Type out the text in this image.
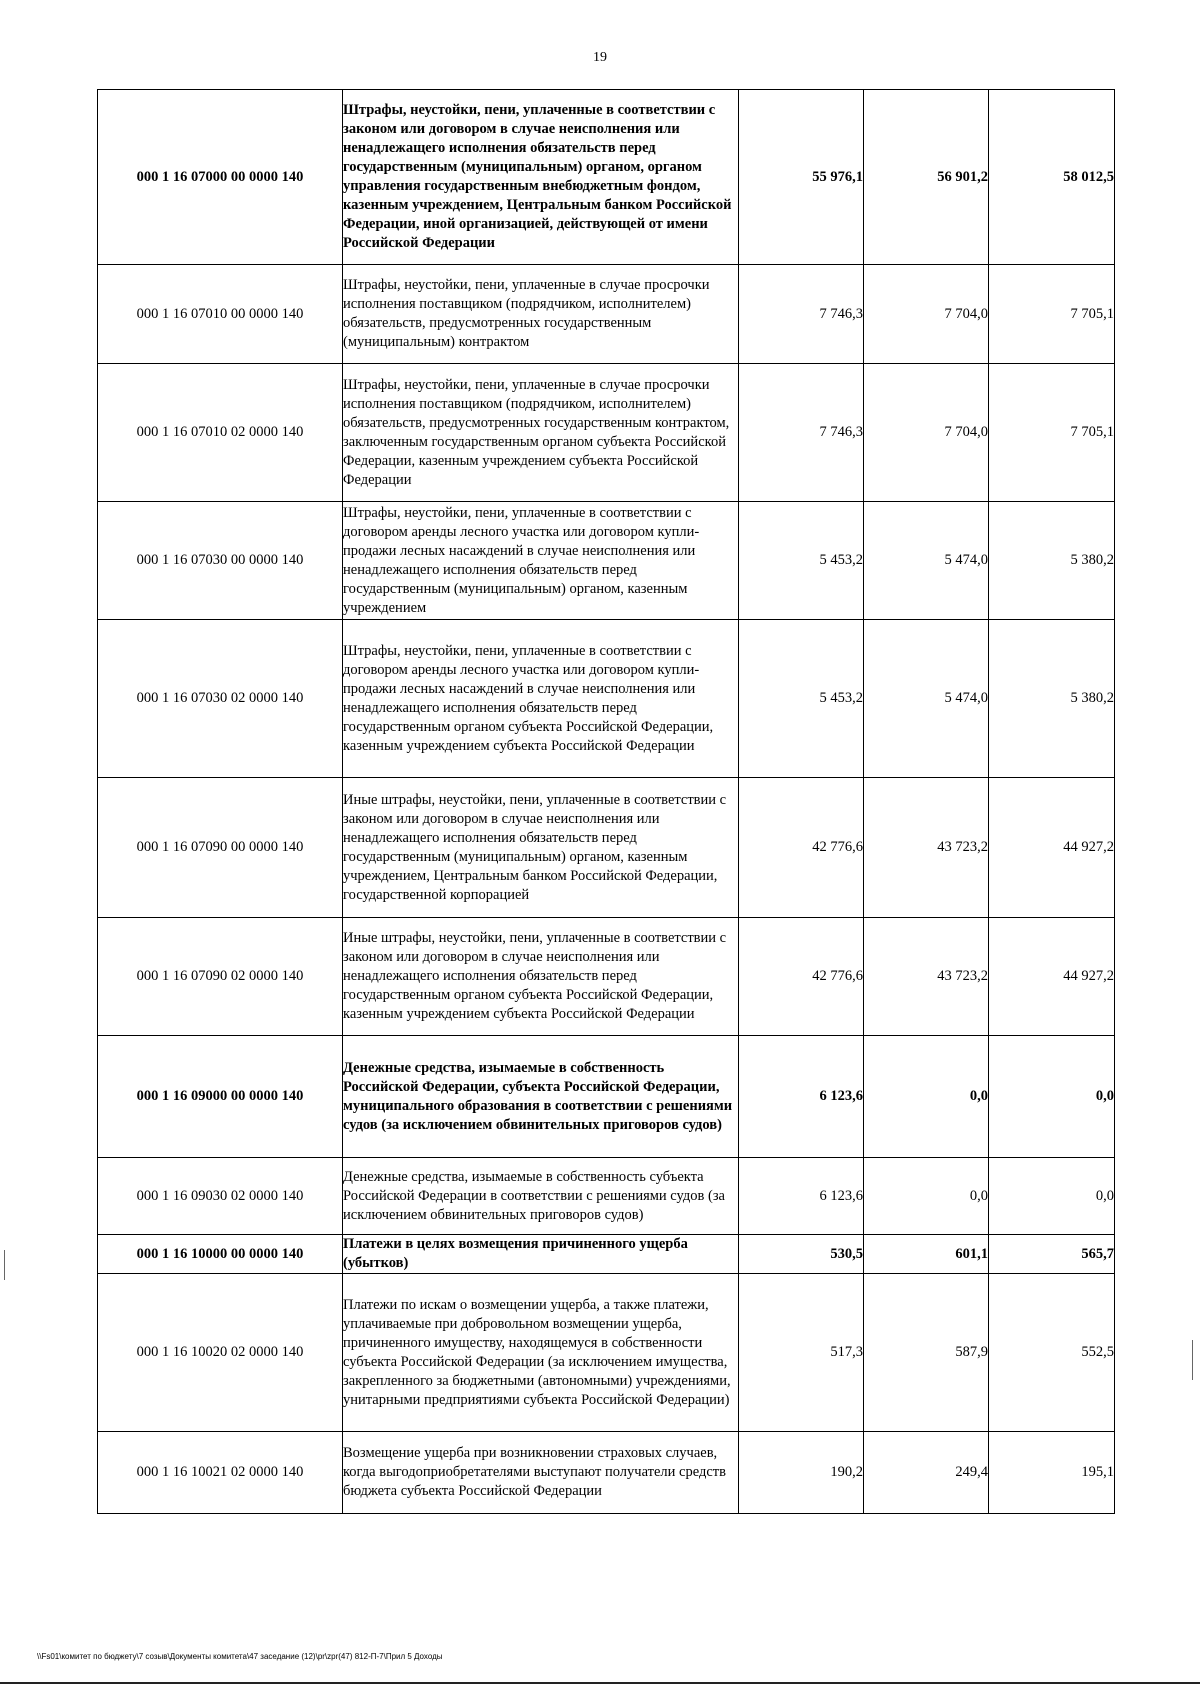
19
000 1 16 07000 00 0000 140	Штрафы, неустойки, пени, уплаченные в соответствии с законом или договором в случае неисполнения или ненадлежащего исполнения обязательств перед государственным (муниципальным) органом, органом управления государственным внебюджетным фондом, казенным учреждением, Центральным банком Российской Федерации, иной организацией, действующей от имени Российской Федерации	55 976,1	56 901,2	58 012,5
000 1 16 07010 00 0000 140	Штрафы, неустойки, пени, уплаченные в случае просрочки исполнения поставщиком (подрядчиком, исполнителем) обязательств, предусмотренных государственным (муниципальным) контрактом	7 746,3	7 704,0	7 705,1
000 1 16 07010 02 0000 140	Штрафы, неустойки, пени, уплаченные в случае просрочки исполнения поставщиком (подрядчиком, исполнителем) обязательств, предусмотренных государственным контрактом, заключенным государственным органом субъекта Российской Федерации, казенным учреждением субъекта Российской Федерации	7 746,3	7 704,0	7 705,1
000 1 16 07030 00 0000 140	Штрафы, неустойки, пени, уплаченные в соответствии с договором аренды лесного участка или договором купли-продажи лесных насаждений в случае неисполнения или ненадлежащего исполнения обязательств перед государственным (муниципальным) органом, казенным учреждением	5 453,2	5 474,0	5 380,2
000 1 16 07030 02 0000 140	Штрафы, неустойки, пени, уплаченные в соответствии с договором аренды лесного участка или договором купли-продажи лесных насаждений в случае неисполнения или ненадлежащего исполнения обязательств перед государственным органом субъекта Российской Федерации, казенным учреждением субъекта Российской Федерации	5 453,2	5 474,0	5 380,2
000 1 16 07090 00 0000 140	Иные штрафы, неустойки, пени, уплаченные в соответствии с законом или договором в случае неисполнения или ненадлежащего исполнения обязательств перед государственным (муниципальным) органом, казенным учреждением, Центральным банком Российской Федерации, государственной корпорацией	42 776,6	43 723,2	44 927,2
000 1 16 07090 02 0000 140	Иные штрафы, неустойки, пени, уплаченные в соответствии с законом или договором в случае неисполнения или ненадлежащего исполнения обязательств перед государственным органом субъекта Российской Федерации, казенным учреждением субъекта Российской Федерации	42 776,6	43 723,2	44 927,2
000 1 16 09000 00 0000 140	Денежные средства, изымаемые в собственность Российской Федерации, субъекта Российской Федерации, муниципального образования в соответствии с решениями судов (за исключением обвинительных приговоров судов)	6 123,6	0,0	0,0
000 1 16 09030 02 0000 140	Денежные средства, изымаемые в собственность субъекта Российской Федерации в соответствии с решениями судов (за исключением обвинительных приговоров судов)	6 123,6	0,0	0,0
000 1 16 10000 00 0000 140	Платежи в целях возмещения причиненного ущерба (убытков)	530,5	601,1	565,7
000 1 16 10020 02 0000 140	Платежи по искам о возмещении ущерба, а также платежи, уплачиваемые при добровольном возмещении ущерба, причиненного имуществу, находящемуся в собственности субъекта Российской Федерации (за исключением имущества, закрепленного за бюджетными (автономными) учреждениями, унитарными предприятиями субъекта Российской Федерации)	517,3	587,9	552,5
000 1 16 10021 02 0000 140	Возмещение ущерба при возникновении страховых случаев, когда выгодоприобретателями выступают получатели средств бюджета субъекта Российской Федерации	190,2	249,4	195,1
\\Fs01\комитет по бюджету\7 созыв\Документы комитета\47 заседание (12)\pr\zpr(47) 812-П-7\Прил 5 Доходы
